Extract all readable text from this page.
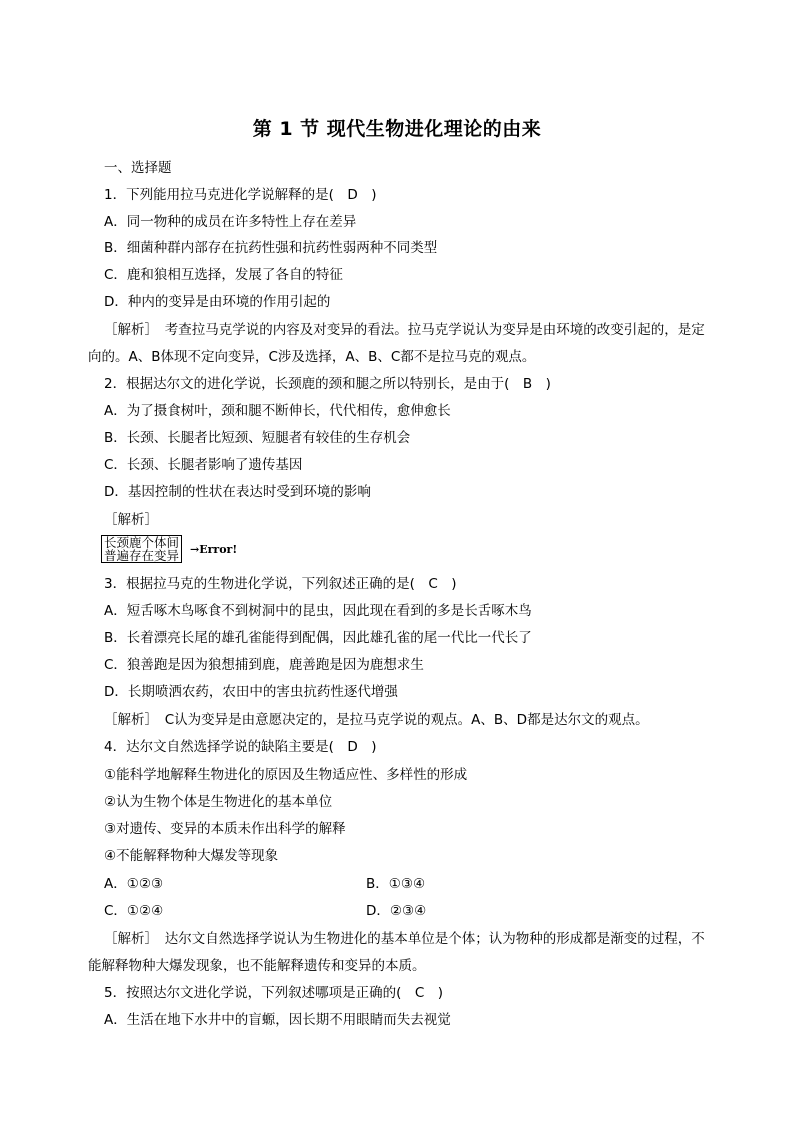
第 1 节 现代生物进化理论的由来
一、选择题
1．下列能用拉马克进化学说解释的是(　D　)
A．同一物种的成员在许多特性上存在差异
B．细菌种群内部存在抗药性强和抗药性弱两种不同类型
C．鹿和狼相互选择，发展了各自的特征
D．种内的变异是由环境的作用引起的
［解析］　考查拉马克学说的内容及对变异的看法。拉马克学说认为变异是由环境的改变引起的，是定
向的。A、B体现不定向变异，C涉及选择，A、B、C都不是拉马克的观点。
2．根据达尔文的进化学说，长颈鹿的颈和腿之所以特别长，是由于(　B　)
A．为了摄食树叶，颈和腿不断伸长，代代相传，愈伸愈长
B．长颈、长腿者比短颈、短腿者有较佳的生存机会
C．长颈、长腿者影响了遗传基因
D．基因控制的性状在表达时受到环境的影响
［解析］
长颈鹿个体间
普遍存在变异 →Error!
3．根据拉马克的生物进化学说，下列叙述正确的是(　C　)
A．短舌啄木鸟啄食不到树洞中的昆虫，因此现在看到的多是长舌啄木鸟
B．长着漂亮长尾的雄孔雀能得到配偶，因此雄孔雀的尾一代比一代长了
C．狼善跑是因为狼想捕到鹿，鹿善跑是因为鹿想求生
D．长期喷洒农药，农田中的害虫抗药性逐代增强
［解析］　C认为变异是由意愿决定的，是拉马克学说的观点。A、B、D都是达尔文的观点。
4．达尔文自然选择学说的缺陷主要是(　D　)
①能科学地解释生物进化的原因及生物适应性、多样性的形成
②认为生物个体是生物进化的基本单位
③对遗传、变异的本质未作出科学的解释
④不能解释物种大爆发等现象
A．①②③	B．①③④
C．①②④	D．②③④
［解析］　达尔文自然选择学说认为生物进化的基本单位是个体；认为物种的形成都是渐变的过程，不
能解释物种大爆发现象，也不能解释遗传和变异的本质。
5．按照达尔文进化学说，下列叙述哪项是正确的(　C　)
A．生活在地下水井中的盲螈，因长期不用眼睛而失去视觉
